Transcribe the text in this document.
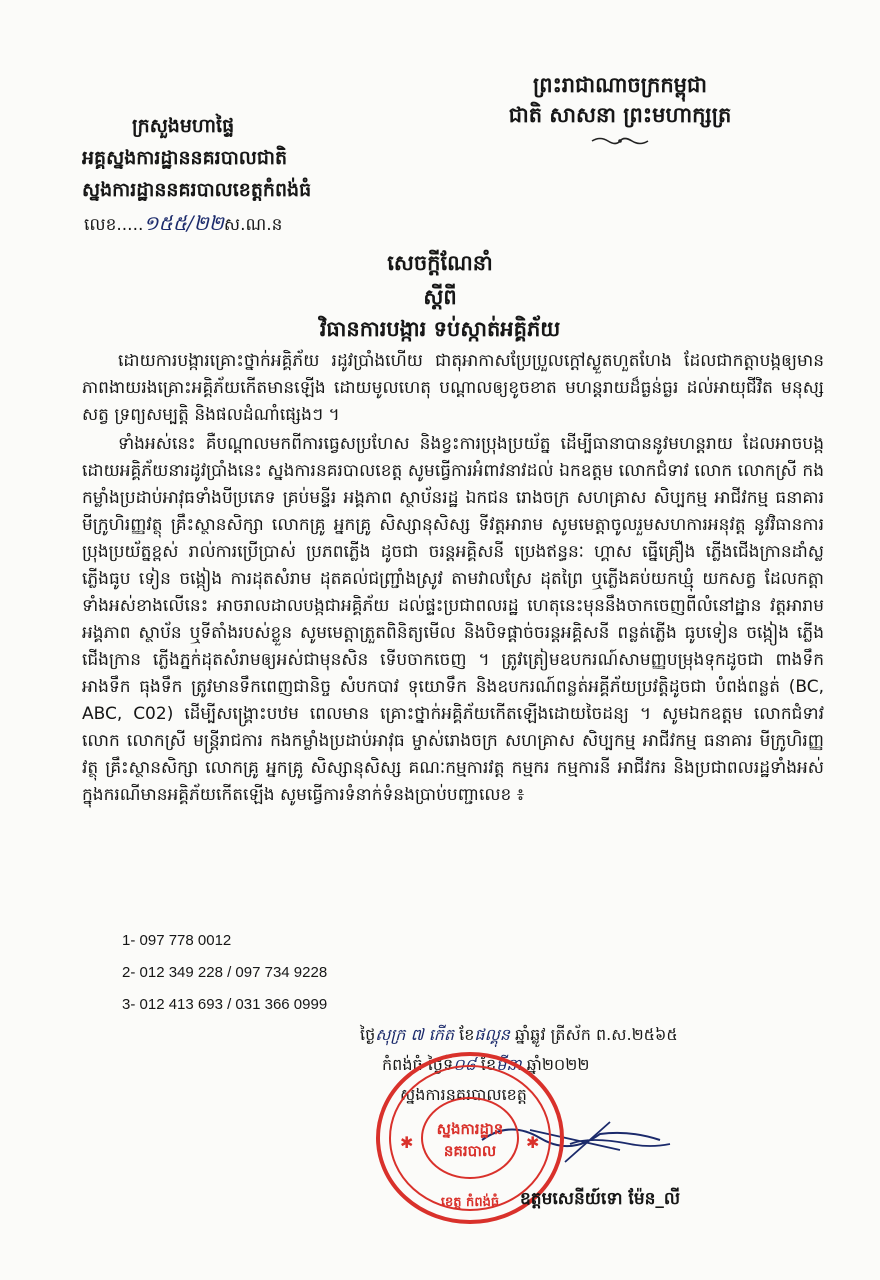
ព្រះរាជាណាចក្រកម្ពុជា
ជាតិ សាសនា ព្រះមហាក្សត្រ
ក្រសួងមហាផ្ទៃ
អគ្គស្នងការដ្ឋាននគរបាលជាតិ
ស្នងការដ្ឋាននគរបាលខេត្តកំពង់ធំ
លេខ.....១៥៥/២២ស.ណ.ន
សេចក្ដីណែនាំ
ស្ដីពី
វិធានការបង្ការ ទប់ស្កាត់អគ្គិភ័យ

ដោយការបង្ការគ្រោះថ្នាក់អគ្គិភ័យ រដូវប្រាំងហើយ ជាតុអាកាសប្រែប្រួលក្ដៅស្ងួតហួតហែង ដែលជាកត្តាបង្កឲ្យមានភាពងាយរងគ្រោះអគ្គិភ័យកើតមានឡើង ដោយមូលហេតុ បណ្ដាលឲ្យខូចខាត មហន្តរាយដ៏ធ្ងន់ធ្ងរ ដល់អាយុជីវិត មនុស្ស សត្វ ទ្រព្យសម្បត្តិ និងផលដំណាំផ្សេងៗ ។

ទាំងអស់នេះ គឺបណ្ដាលមកពីការធ្វេសប្រហែស និងខ្វះការប្រុងប្រយ័ត្ន ដើម្បីធានាបាននូវមហន្តរាយ ដែលអាចបង្កដោយអគ្គិភ័យនារដូវប្រាំងនេះ ស្នងការនគរបាលខេត្ត សូមធ្វើការអំពាវនាវដល់ ឯកឧត្ដម លោកជំទាវ លោក លោកស្រី កងកម្លាំងប្រដាប់អាវុធទាំងបីប្រភេទ គ្រប់មន្ទីរ អង្គភាព ស្ថាប័នរដ្ឋ ឯកជន រោងចក្រ សហគ្រាស សិប្បកម្ម អាជីវកម្ម ធនាគារ មីក្រូហិរញ្ញវត្ថុ គ្រឹះស្ថានសិក្សា លោកគ្រូ អ្នកគ្រូ សិស្សានុសិស្ស ទីវត្តអារាម សូមមេត្តាចូលរួមសហការអនុវត្ត នូវវិធានការប្រុងប្រយ័ត្នខ្ពស់ រាល់ការប្រើប្រាស់ ប្រភពភ្លើង ដូចជា ចរន្តអគ្គិសនី ប្រេងឥន្ធនៈ ហ្គាស ធ្នើគ្រឿង ភ្លើងជើងក្រានដាំស្ល ភ្លើងធូប ទៀន ចង្កៀង ការដុតសំរាម ដុតគល់ជញ្ជ្រាំងស្រូវ តាមវាលស្រែ ដុតព្រៃ ឬភ្លើងគប់យកឃ្មុំ យកសត្វ ដែលកត្តាទាំងអស់ខាងលើនេះ អាចរាលដាលបង្កជាអគ្គិភ័យ ដល់ផ្ទះប្រជាពលរដ្ឋ ហេតុនេះមុននឹងចាកចេញពីលំនៅដ្ឋាន វត្តអារាម អង្គភាព ស្ថាប័ន ឬទីតាំងរបស់ខ្លួន សូមមេត្តាត្រួតពិនិត្យមើល និងបិទផ្ដាច់ចរន្តអគ្គិសនី ពន្លត់ភ្លើង ធូបទៀន ចង្កៀង ភ្លើងជើងក្រាន ភ្លើងភ្នក់ដុតសំរាមឲ្យអស់ជាមុនសិន ទើបចាកចេញ ។ ត្រូវត្រៀមឧបករណ៍សាមញ្ញបម្រុងទុកដូចជា ពាងទឹក អាងទឹក ធុងទឹក ត្រូវមានទឹកពេញជានិច្ច សំបកបាវ ទុយោទឹក និងឧបករណ៍ពន្លត់អគ្គីភ័យប្រវត្តិដូចជា បំពង់ពន្លត់ (BC, ABC, C02) ដើម្បីសង្គ្រោះបឋម ពេលមាន គ្រោះថ្នាក់អគ្គិភ័យកើតឡើងដោយចៃដន្យ ។ សូមឯកឧត្ដម លោកជំទាវ លោក លោកស្រី មន្ត្រីរាជការ កងកម្លាំងប្រដាប់អាវុធ ម្ចាស់រោងចក្រ សហគ្រាស សិប្បកម្ម អាជីវកម្ម ធនាគារ មីក្រូហិរញ្ញវត្ថុ គ្រឹះស្ថានសិក្សា លោកគ្រូ អ្នកគ្រូ សិស្សានុសិស្ស គណៈកម្មការវត្ត កម្មករ កម្មការនី អាជីវករ និងប្រជាពលរដ្ឋទាំងអស់ ក្នុងករណីមានអគ្គិភ័យកើតឡើង សូមធ្វើការទំនាក់ទំនងប្រាប់បញ្ជាលេខ ៖

1- 097 778 0012
2- 012 349 228 / 097 734 9228
3- 012 413 693 / 031 366 0999
ថ្ងៃសុក្រ ៧ កើត ខែផល្គុន ឆ្នាំឆ្លូវ ត្រីស័ក ព.ស.២៥៦៥
កំពង់ធំ ថ្ងៃទី០៨ ខែមីនា ឆ្នាំ២០២២
ស្នងការនគរបាលខេត្ត
ស្នងការដ្ឋាន
នគរបាល
ខេត្ត កំពង់ធំ
✱	✱
ឧត្ដមសេនីយ៍ទោ ម៉ែន_លី
